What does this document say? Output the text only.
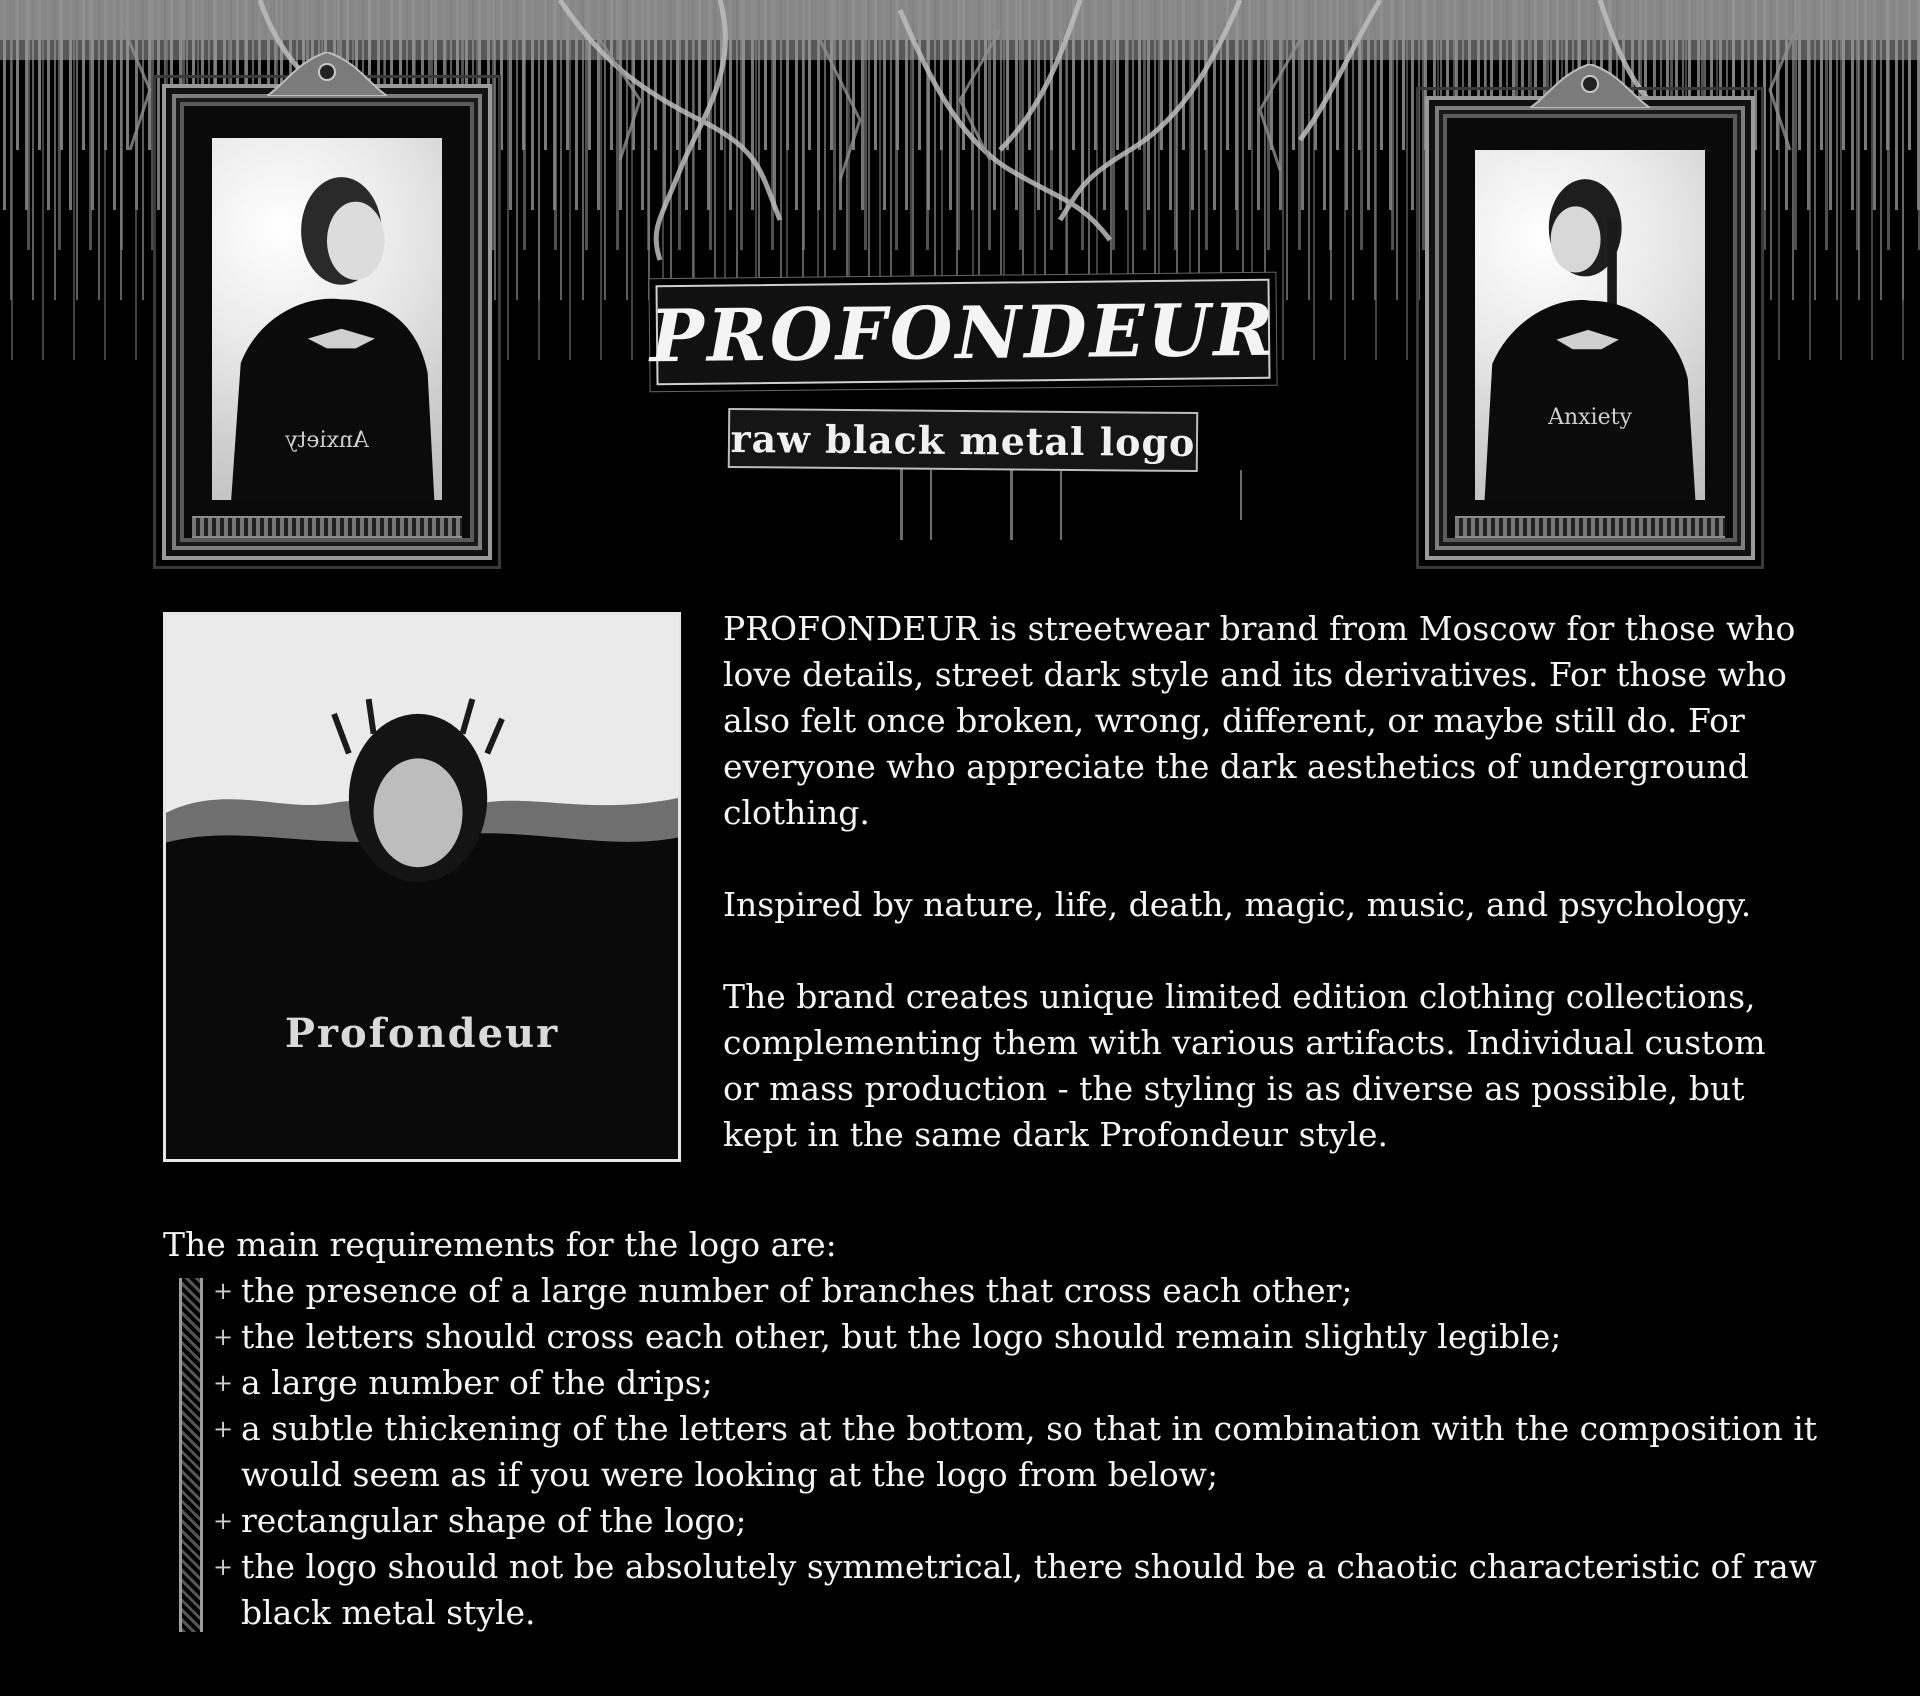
Anxiety
Anxiety
PROFONDEUR
raw black metal logo
Profondeur

PROFONDEUR is streetwear brand from Moscow for those who love details, street dark style and its derivatives. For those who also felt once broken, wrong, different, or maybe still do. For everyone who appreciate the dark aesthetics of underground clothing.

Inspired by nature, life, death, magic, music, and psychology.

The brand creates unique limited edition clothing collections, complementing them with various artifacts. Individual custom or mass production - the styling is as diverse as possible, but kept in the same dark Profondeur style.

The main requirements for the logo are:

+ the presence of a large number of branches that cross each other;
+ the letters should cross each other, but the logo should remain slightly legible;
+ a large number of the drips;
+ a subtle thickening of the letters at the bottom, so that in combination with the composition it would seem as if you were looking at the logo from below;
+ rectangular shape of the logo;
+ the logo should not be absolutely symmetrical, there should be a chaotic characteristic of raw black metal style.
